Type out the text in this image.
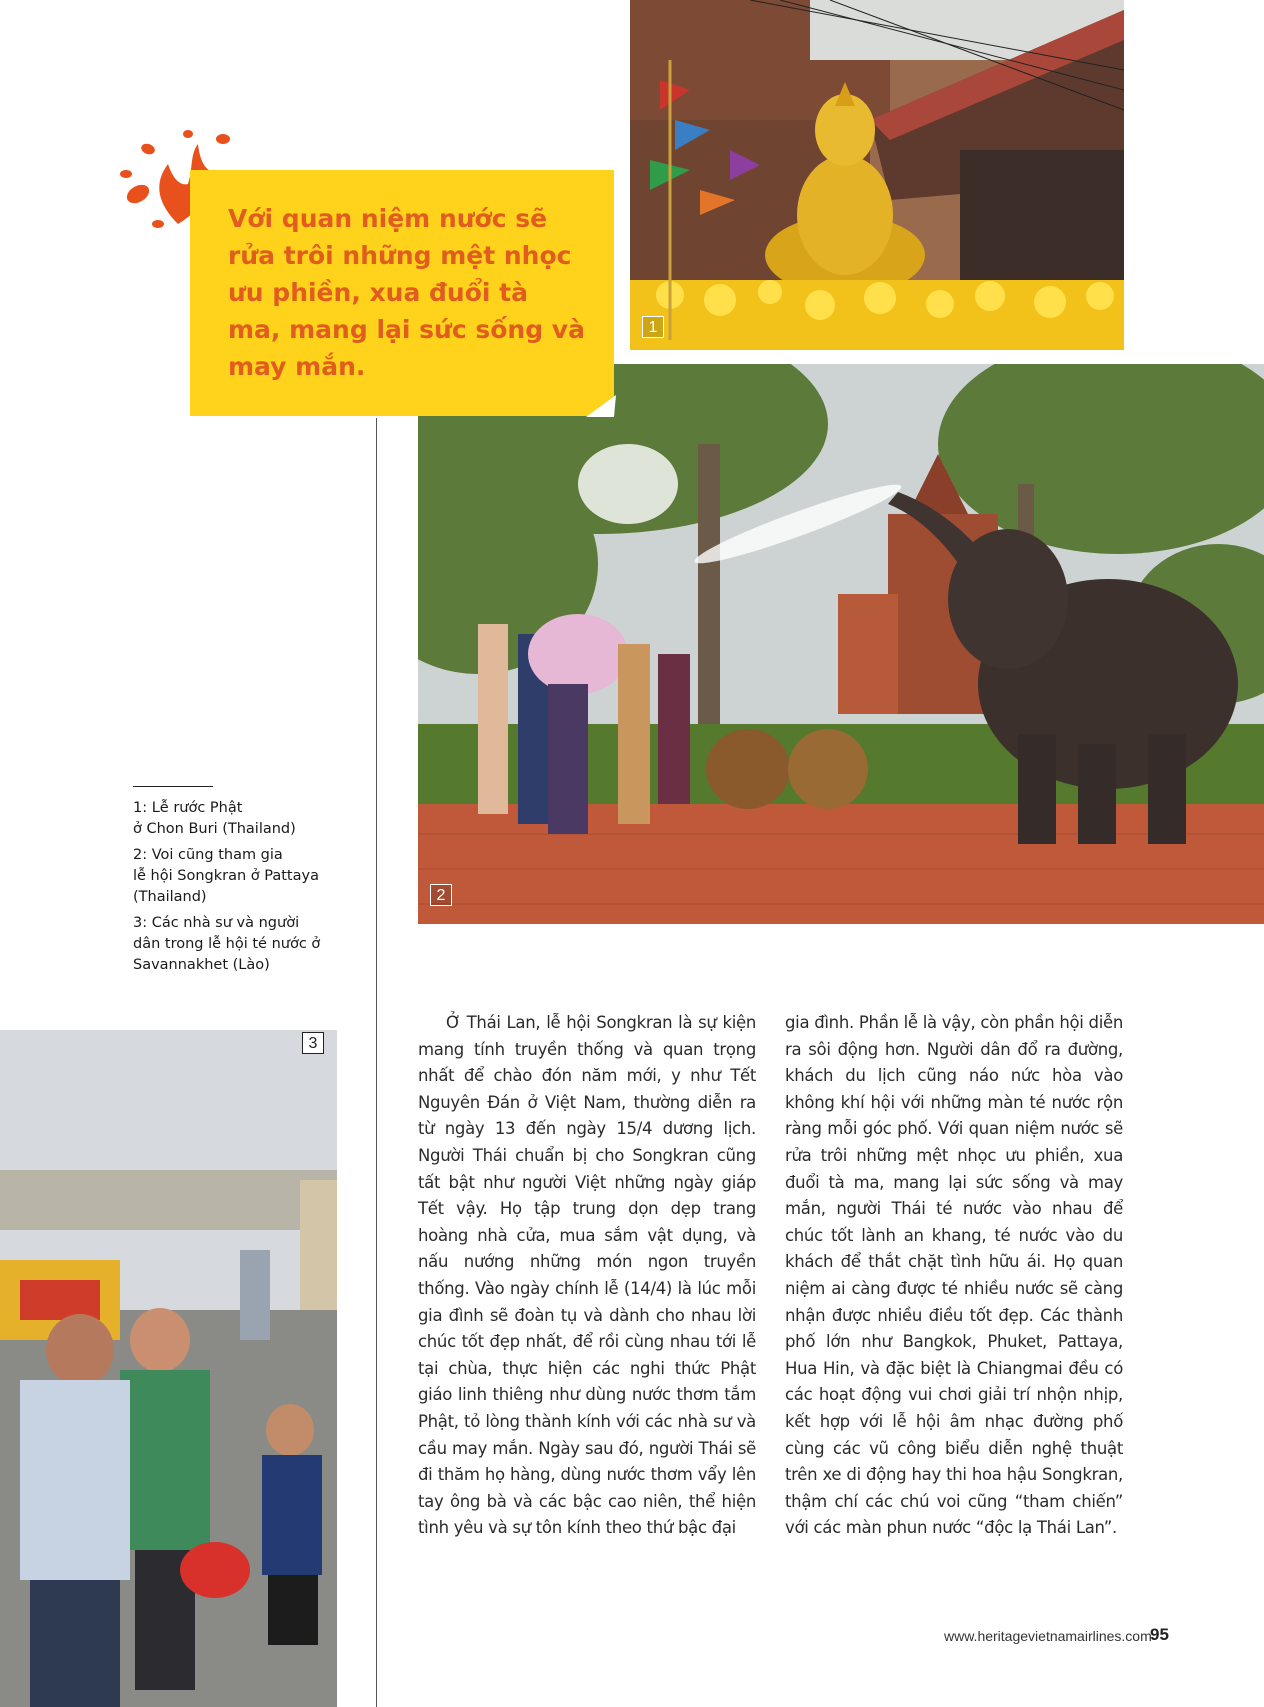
1
2
3
Với quan niệm nước sẽ rửa trôi những mệt nhọc ưu phiền, xua đuổi tà ma, mang lại sức sống và may mắn.

1: Lễ rước Phật
ở Chon Buri (Thailand)

2: Voi cũng tham gia
lễ hội Songkran ở Pattaya
(Thailand)

3: Các nhà sư và người
dân trong lễ hội té nước ở
Savannakhet (Lào)

Ở Thái Lan, lễ hội Songkran là sự kiện mang tính truyền thống và quan trọng nhất để chào đón năm mới, y như Tết Nguyên Đán ở Việt Nam, thường diễn ra từ ngày 13 đến ngày 15/4 dương lịch. Người Thái chuẩn bị cho Songkran cũng tất bật như người Việt những ngày giáp Tết vậy. Họ tập trung dọn dẹp trang hoàng nhà cửa, mua sắm vật dụng, và nấu nướng những món ngon truyền thống. Vào ngày chính lễ (14/4) là lúc mỗi gia đình sẽ đoàn tụ và dành cho nhau lời chúc tốt đẹp nhất, để rồi cùng nhau tới lễ tại chùa, thực hiện các nghi thức Phật giáo linh thiêng như dùng nước thơm tắm Phật, tỏ lòng thành kính với các nhà sư và cầu may mắn. Ngày sau đó, người Thái sẽ đi thăm họ hàng, dùng nước thơm vẩy lên tay ông bà và các bậc cao niên, thể hiện tình yêu và sự tôn kính theo thứ bậc đại
gia đình. Phần lễ là vậy, còn phần hội diễn ra sôi động hơn. Người dân đổ ra đường, khách du lịch cũng náo nức hòa vào không khí hội với những màn té nước rộn ràng mỗi góc phố. Với quan niệm nước sẽ rửa trôi những mệt nhọc ưu phiền, xua đuổi tà ma, mang lại sức sống và may mắn, người Thái té nước vào nhau để chúc tốt lành an khang, té nước vào du khách để thắt chặt tình hữu ái. Họ quan niệm ai càng được té nhiều nước sẽ càng nhận được nhiều điều tốt đẹp. Các thành phố lớn như Bangkok, Phuket, Pattaya, Hua Hin, và đặc biệt là Chiangmai đều có các hoạt động vui chơi giải trí nhộn nhịp, kết hợp với lễ hội âm nhạc đường phố cùng các vũ công biểu diễn nghệ thuật trên xe di động hay thi hoa hậu Songkran, thậm chí các chú voi cũng “tham chiến” với các màn phun nước “độc lạ Thái Lan”.
www.heritagevietnamairlines.com
95
